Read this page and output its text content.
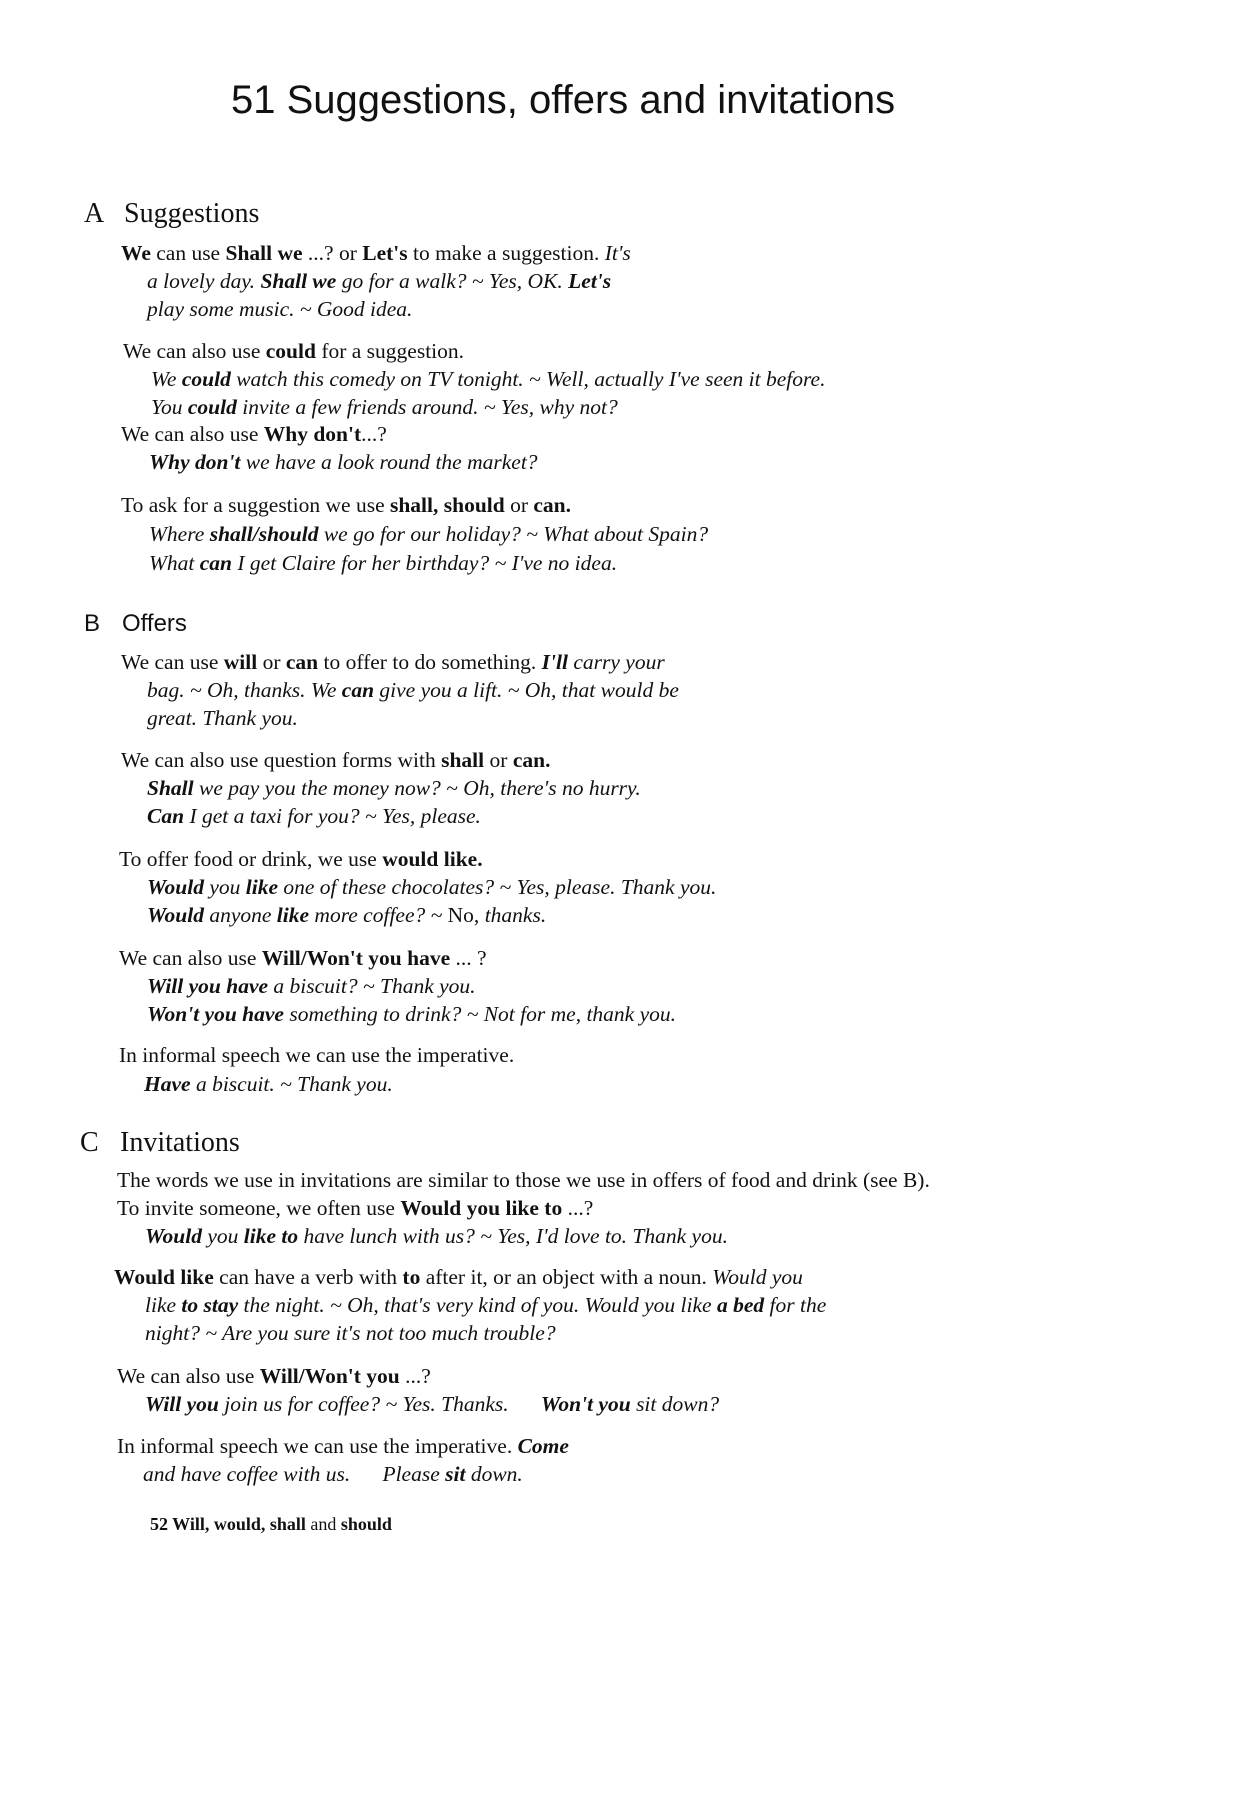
51 Suggestions, offers and invitations
A Suggestions
B Offers
C Invitations
We can use Shall we ...? or Let's to make a suggestion. It's
a lovely day. Shall we go for a walk? ~ Yes, OK. Let's
play some music. ~ Good idea.
We can also use could for a suggestion.
We could watch this comedy on TV tonight. ~ Well, actually I've seen it before.
You could invite a few friends around. ~ Yes, why not?
We can also use Why don't...?
Why don't we have a look round the market?
To ask for a suggestion we use shall, should or can.
Where shall/should we go for our holiday? ~ What about Spain?
What can I get Claire for her birthday? ~ I've no idea.
We can use will or can to offer to do something. I'll carry your
bag. ~ Oh, thanks. We can give you a lift. ~ Oh, that would be
great. Thank you.
We can also use question forms with shall or can.
Shall we pay you the money now? ~ Oh, there's no hurry.
Can I get a taxi for you? ~ Yes, please.
To offer food or drink, we use would like.
Would you like one of these chocolates? ~ Yes, please. Thank you.
Would anyone like more coffee? ~ No, thanks.
We can also use Will/Won't you have ... ?
Will you have a biscuit? ~ Thank you.
Won't you have something to drink? ~ Not for me, thank you.
In informal speech we can use the imperative.
Have a biscuit. ~ Thank you.
The words we use in invitations are similar to those we use in offers of food and drink (see B).
To invite someone, we often use Would you like to ...?
Would you like to have lunch with us? ~ Yes, I'd love to. Thank you.
Would like can have a verb with to after it, or an object with a noun. Would you
like to stay the night. ~ Oh, that's very kind of you. Would you like a bed for the
night? ~ Are you sure it's not too much trouble?
We can also use Will/Won't you ...?
Will you join us for coffee? ~ Yes. Thanks. Won't you sit down?
In informal speech we can use the imperative. Come
and have coffee with us. Please sit down.
52 Will, would, shall and should
